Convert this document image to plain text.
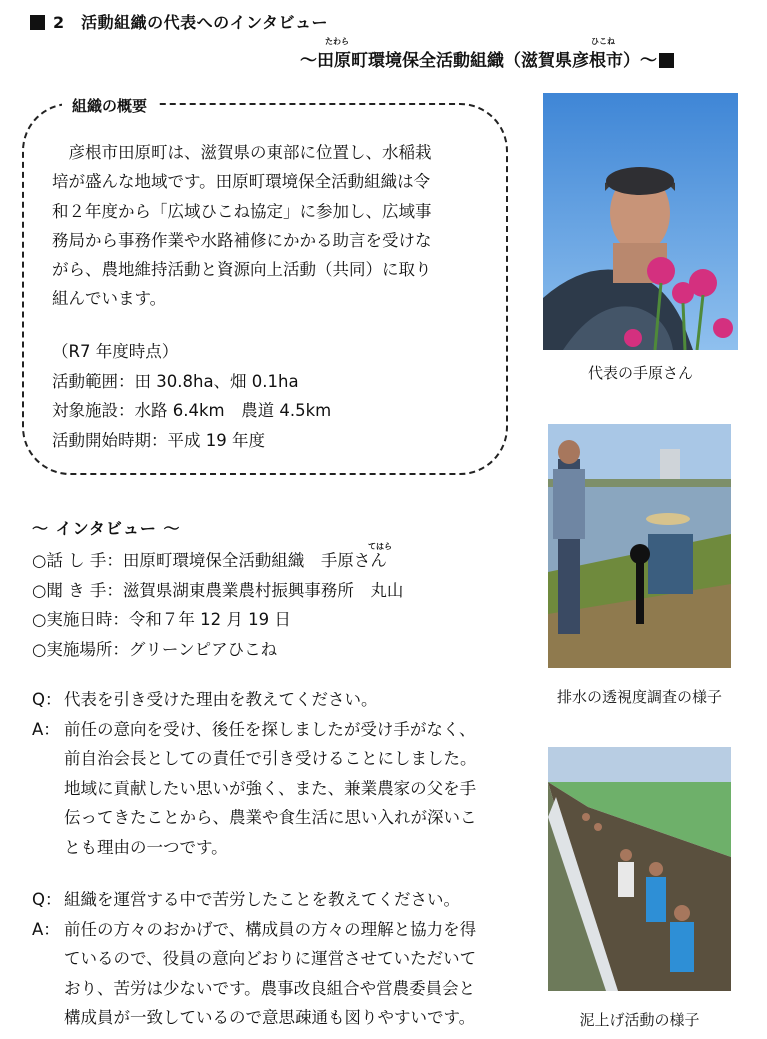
2　 活動組織の代表へのインタビュー
たわら	ひこね
～田原町環境保全活動組織（滋賀県彦根市）～
組織の概要
　彦根市田原町は、滋賀県の東部に位置し、水稲栽
培が盛んな地域です。田原町環境保全活動組織は令
和２年度から「広域ひこね協定」に参加し、広域事
務局から事務作業や水路補修にかかる助言を受けな
がら、農地維持活動と資源向上活動（共同）に取り
組んでいます。
（R7 年度時点）
活動範囲：田 30.8ha、畑 0.1ha
対象施設：水路 6.4km　農道 4.5km
活動開始時期：平成 19 年度
～ インタビュー ～
てはら
○話 し 手：田原町環境保全活動組織　手原さん
○聞 き 手：滋賀県湖東農業農村振興事務所　丸山
○実施日時：令和７年 12 月 19 日
○実施場所：グリーンピアひこね
Q： 代表を引き受けた理由を教えてください。
A： 前任の意向を受け、後任を探しましたが受け手がなく、
前自治会長としての責任で引き受けることにしました。
地域に貢献したい思いが強く、また、兼業農家の父を手
伝ってきたことから、農業や食生活に思い入れが深いこ
とも理由の一つです。
Q： 組織を運営する中で苦労したことを教えてください。
A： 前任の方々のおかげで、構成員の方々の理解と協力を得
ているので、役員の意向どおりに運営させていただいて
おり、苦労は少ないです。農事改良組合や営農委員会と
構成員が一致しているので意思疎通も図りやすいです。
代表の手原さん
排水の透視度調査の様子
泥上げ活動の様子
